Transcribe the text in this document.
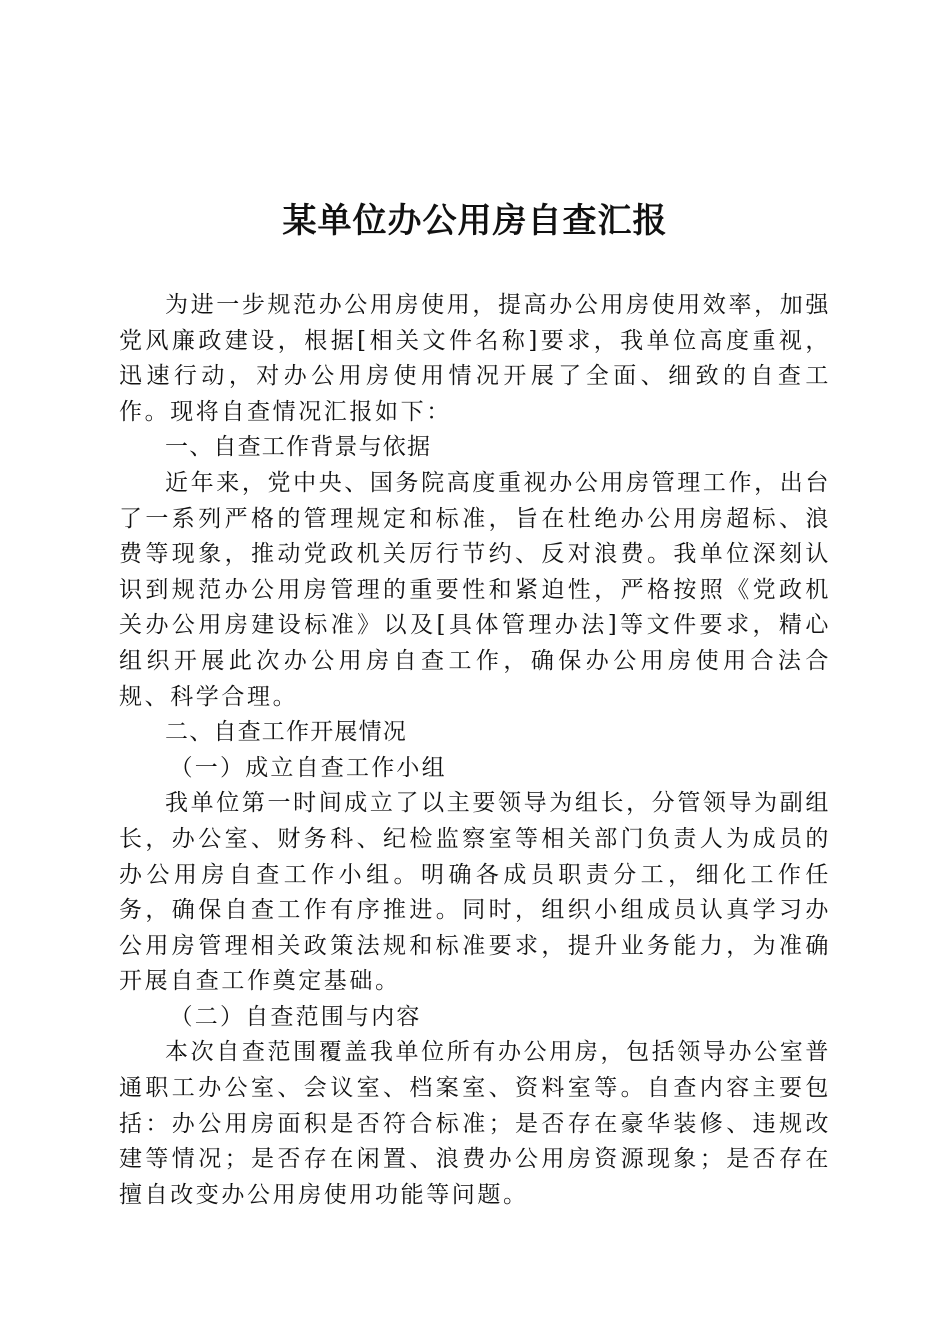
某单位办公用房自查汇报

为进一步规范办公用房使用，提高办公用房使用效率，加强党风廉政建设，根据[相关文件名称]要求，我单位高度重视，迅速行动，对办公用房使用情况开展了全面、细致的自查工作。现将自查情况汇报如下：

一、自查工作背景与依据

近年来，党中央、国务院高度重视办公用房管理工作，出台了一系列严格的管理规定和标准，旨在杜绝办公用房超标、浪费等现象，推动党政机关厉行节约、反对浪费。我单位深刻认识到规范办公用房管理的重要性和紧迫性，严格按照《党政机关办公用房建设标准》以及[具体管理办法]等文件要求，精心组织开展此次办公用房自查工作，确保办公用房使用合法合规、科学合理。

二、自查工作开展情况
（一）成立自查工作小组

我单位第一时间成立了以主要领导为组长，分管领导为副组长，办公室、财务科、纪检监察室等相关部门负责人为成员的办公用房自查工作小组。明确各成员职责分工，细化工作任务，确保自查工作有序推进。同时，组织小组成员认真学习办公用房管理相关政策法规和标准要求，提升业务能力，为准确开展自查工作奠定基础。

（二）自查范围与内容

本次自查范围覆盖我单位所有办公用房，包括领导办公室普通职工办公室、会议室、档案室、资料室等。自查内容主要包括：办公用房面积是否符合标准；是否存在豪华装修、违规改建等情况；是否存在闲置、浪费办公用房资源现象；是否存在擅自改变办公用房使用功能等问题。
